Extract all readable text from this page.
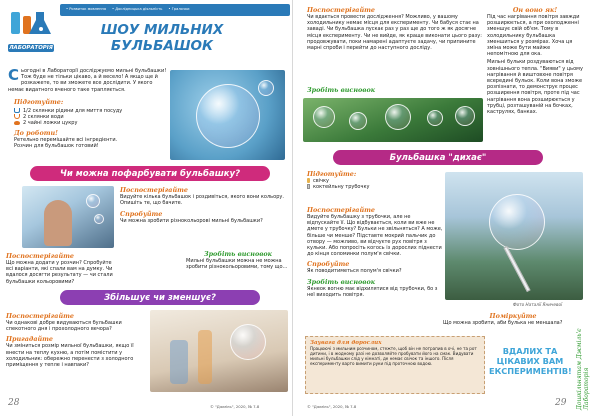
ЛАБОРАТОРІЯ
• Розвиток мовлення • Дослідницька діяльність • Гралочки
ШОУ МИЛЬНИХ БУЛЬБАШОК
С ьогодні в Лабораторії досліджуємо мильні бульбашки! Тож буде не тільки цікаво, а й весело! А якщо ще й розкажете, то ви зможете все дослідити. У якого немає видатного вченого таке трапляється.
Підготуйте:
1/2 склянки рідини для миття посуду
2 склянки води
2 чайні ложки цукру
До роботи!
Ретельно перемішайте всі інгредієнти. Розчин для бульбашок готовий!
Чи можна пофарбувати бульбашку?
Поспостерігайте
Видуйте кілька бульбашок і роздивіться, якого вони кольору. Опишіть те, що бачите.
Спробуйте
Чи можна зробити різнокольорові мильні бульбашки?
Поспостерігайте
Що можна додати у розчин? Спробуйте всі варіанти, які спали вам на думку. Чи вдалося досягти результату — чи стали бульбашки кольоровими?
Зробіть висновок
Мильні бульбашки можна не можна зробити різнокольоровими, тому що…
Збільшує чи зменшує?
Поспостерігайте
Чи однакові добре видуваються бульбашки спекотного дня і прохолодного вечора?
Пригадайте
Чи зміниться розмір мильної бульбашки, якщо її внести на теплу кухню, а потім помістити у холодильник: обережно перенести з холодного приміщення у тепле і навпаки?
28	© "Джміль", 2020, № 7-8
Поспостерігайте
Чи вдається провести дослідження? Можливо, у вашому холодильнику немає місця для експерименту. Чи бабуся стає на заваді. Чи бульбашка лускає раз у раз ще до того ж як досягне місця експерименту. Чи не вийде, як краще виконати цього разу: продовжувати, поки намарені адаптуєте задачу, чи припините марні спроби і перейти до наступного досліду.
Он воно як!
Під час нагрівання повітря завжди розширюється, а при охолодженні зменшує свій об'єм. Тому в холодильнику бульбашка зменшиться у розмірах. Хоча ця зміна може бути майже непомітною для ока.
Мильні бульки роздуваються від зовнішнього тепла. "Вияви" у цьому нагрівання й виштовхне повітря всередині бульок. Коли вона зможе розпізнати, то демонструє процес розширення повітря, проте під час нагрівання вона розширюється у трубці, розташуваній на бочках, каструлях, банках.
Зробіть висновок
Бульбашка "дихає"
Підготуйте:
свічку
коктейльну трубочку
Поспостерігайте
Видуйте бульбашку з трубочки, але не відпускайте її. Що відбувається, коли ви вже не дмете у трубочку? Бульки не звільняться? А може, більше чи менше? Підставте мокрий пальчик до отвору — можливо, ви відчуєте рух повітря з кульки. Або попросіть когось із дорослих піднести до кінця соломинки полум'я свічки.
Спробуйте
Як поводитиметься полум'я свічки?
Зробіть висновок
Якнеок вогню має відхилятися від трубочки, бо з неї виходить повітря.
Фото Наталії Яничевої
Поміркуйте
Що можна зробити, аби булька не меншала?
Заувага для дорослих
Працюючі з мильним розчином, стежте, щоб він не потрапив в очі, не та рот дитини, і в жодному разі не дозволяйте пробувати його на смак. Видувати мильні бульбашки слід у кімнаті, де немає свічок та іншого. Після експерименту варто вимити руки під проточною водою.
ВДАЛИХ ТА
ЦІКАВИХ ВАМ
ЕКСПЕРИМЕНТІВ! Дошкільнятам Джміль'є Лабораторія
© "Джміль", 2020, № 7-8	29
